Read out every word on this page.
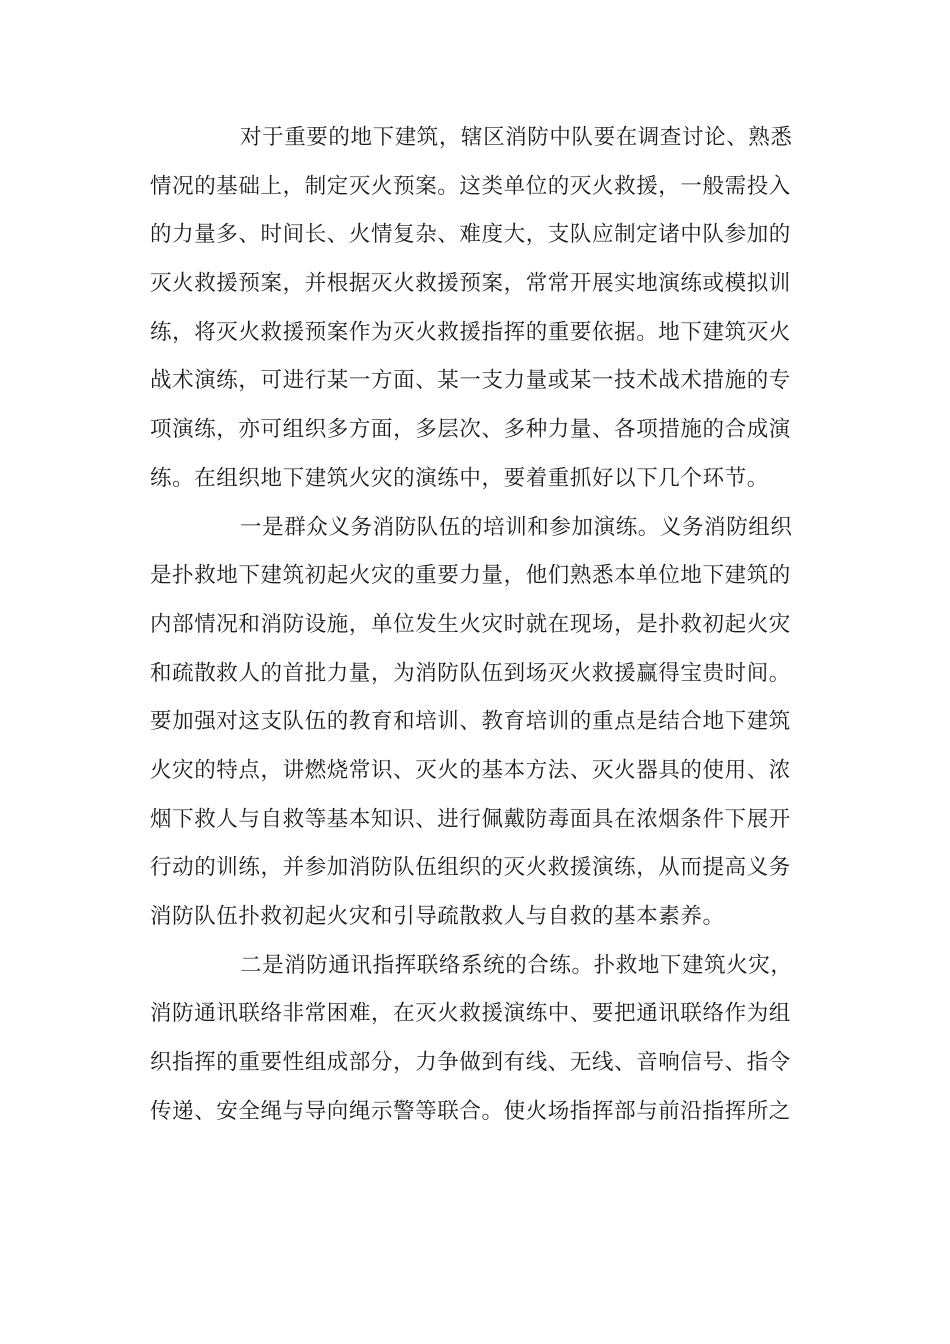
对于重要的地下建筑，辖区消防中队要在调查讨论、熟悉
情况的基础上，制定灭火预案。这类单位的灭火救援，一般需投入
的力量多、时间长、火情复杂、难度大，支队应制定诸中队参加的
灭火救援预案，并根据灭火救援预案，常常开展实地演练或模拟训
练，将灭火救援预案作为灭火救援指挥的重要依据。地下建筑灭火
战术演练，可进行某一方面、某一支力量或某一技术战术措施的专
项演练，亦可组织多方面，多层次、多种力量、各项措施的合成演
练。在组织地下建筑火灾的演练中，要着重抓好以下几个环节。
一是群众义务消防队伍的培训和参加演练。义务消防组织
是扑救地下建筑初起火灾的重要力量，他们熟悉本单位地下建筑的
内部情况和消防设施，单位发生火灾时就在现场，是扑救初起火灾
和疏散救人的首批力量，为消防队伍到场灭火救援赢得宝贵时间。
要加强对这支队伍的教育和培训、教育培训的重点是结合地下建筑
火灾的特点，讲燃烧常识、灭火的基本方法、灭火器具的使用、浓
烟下救人与自救等基本知识、进行佩戴防毒面具在浓烟条件下展开
行动的训练，并参加消防队伍组织的灭火救援演练，从而提高义务
消防队伍扑救初起火灾和引导疏散救人与自救的基本素养。
二是消防通讯指挥联络系统的合练。扑救地下建筑火灾，
消防通讯联络非常困难，在灭火救援演练中、要把通讯联络作为组
织指挥的重要性组成部分，力争做到有线、无线、音响信号、指令
传递、安全绳与导向绳示警等联合。使火场指挥部与前沿指挥所之
